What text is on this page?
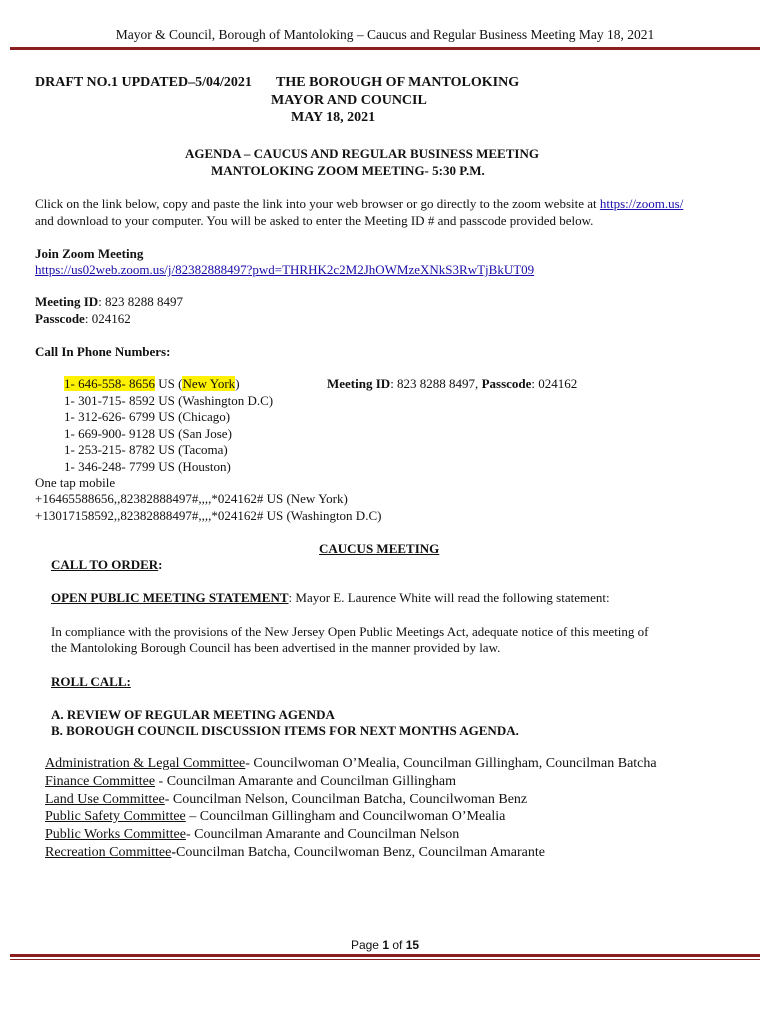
Mayor & Council, Borough of Mantoloking – Caucus and Regular Business Meeting May 18, 2021
DRAFT NO.1 UPDATED–5/04/2021 THE BOROUGH OF MANTOLOKING
MAYOR AND COUNCIL
MAY 18, 2021
AGENDA – CAUCUS AND REGULAR BUSINESS MEETING
MANTOLOKING ZOOM MEETING- 5:30 P.M.
Click on the link below, copy and paste the link into your web browser or go directly to the zoom website at https://zoom.us/
and download to your computer. You will be asked to enter the Meeting ID # and passcode provided below.
Join Zoom Meeting
https://us02web.zoom.us/j/82382888497?pwd=THRHK2c2M2JhOWMzeXNkS3RwTjBkUT09
Meeting ID: 823 8288 8497
Passcode: 024162
Call In Phone Numbers:
1- 646-558- 8656 US (New York)	Meeting ID: 823 8288 8497, Passcode: 024162
1- 301-715- 8592 US (Washington D.C)
1- 312-626- 6799 US (Chicago)
1- 669-900- 9128 US (San Jose)
1- 253-215- 8782 US (Tacoma)
1- 346-248- 7799 US (Houston)
One tap mobile
+16465588656,,82382888497#,,,,*024162# US (New York)
+13017158592,,82382888497#,,,,*024162# US (Washington D.C)
CAUCUS MEETING
CALL TO ORDER:
OPEN PUBLIC MEETING STATEMENT: Mayor E. Laurence White will read the following statement:
In compliance with the provisions of the New Jersey Open Public Meetings Act, adequate notice of this meeting of
the Mantoloking Borough Council has been advertised in the manner provided by law.
ROLL CALL:
A. REVIEW OF REGULAR MEETING AGENDA
B. BOROUGH COUNCIL DISCUSSION ITEMS FOR NEXT MONTHS AGENDA.
Administration & Legal Committee- Councilwoman O’Mealia, Councilman Gillingham, Councilman Batcha
Finance Committee - Councilman Amarante and Councilman Gillingham
Land Use Committee- Councilman Nelson, Councilman Batcha, Councilwoman Benz
Public Safety Committee – Councilman Gillingham and Councilwoman O’Mealia
Public Works Committee- Councilman Amarante and Councilman Nelson
Recreation Committee-Councilman Batcha, Councilwoman Benz, Councilman Amarante
Page 1 of 15
